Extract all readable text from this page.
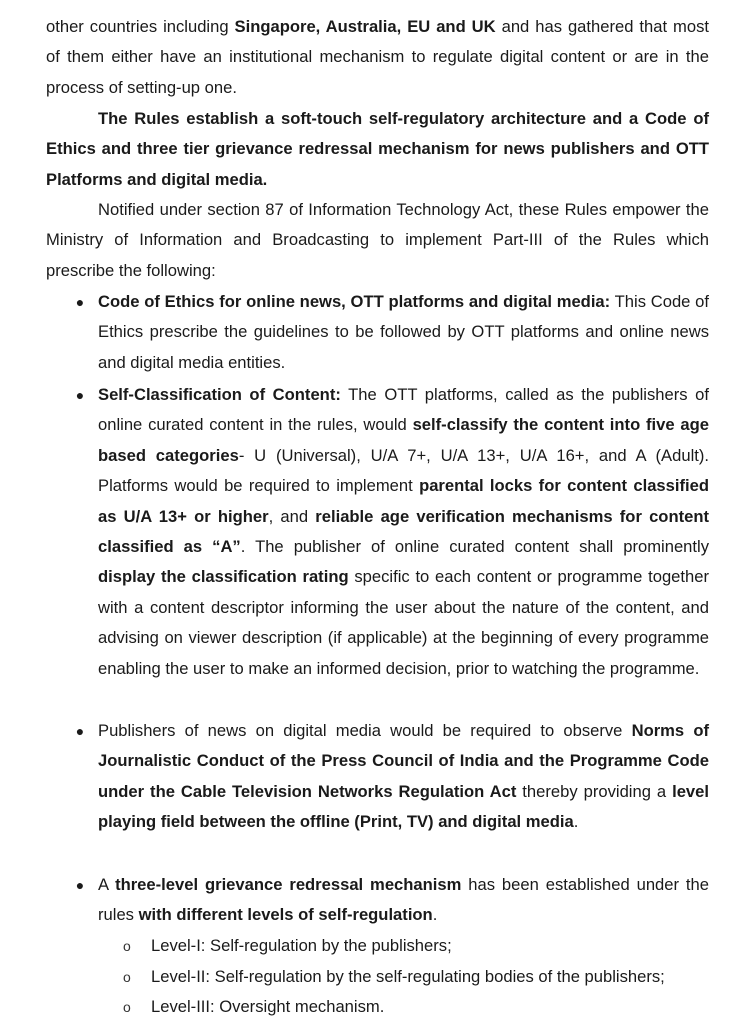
other countries including Singapore, Australia, EU and UK and has gathered that most of them either have an institutional mechanism to regulate digital content or are in the process of setting-up one.

The Rules establish a soft-touch self-regulatory architecture and a Code of Ethics and three tier grievance redressal mechanism for news publishers and OTT Platforms and digital media.

Notified under section 87 of Information Technology Act, these Rules empower the Ministry of Information and Broadcasting to implement Part-III of the Rules which prescribe the following:

● Code of Ethics for online news, OTT platforms and digital media: This Code of Ethics prescribe the guidelines to be followed by OTT platforms and online news and digital media entities.

● Self-Classification of Content: The OTT platforms, called as the publishers of online curated content in the rules, would self-classify the content into five age based categories- U (Universal), U/A 7+, U/A 13+, U/A 16+, and A (Adult). Platforms would be required to implement parental locks for content classified as U/A 13+ or higher, and reliable age verification mechanisms for content classified as “A”. The publisher of online curated content shall prominently display the classification rating specific to each content or programme together with a content descriptor informing the user about the nature of the content, and advising on viewer description (if applicable) at the beginning of every programme enabling the user to make an informed decision, prior to watching the programme.

● Publishers of news on digital media would be required to observe Norms of Journalistic Conduct of the Press Council of India and the Programme Code under the Cable Television Networks Regulation Act thereby providing a level playing field between the offline (Print, TV) and digital media.

● A three-level grievance redressal mechanism has been established under the rules with different levels of self-regulation.

o Level-I: Self-regulation by the publishers;

o Level-II: Self-regulation by the self-regulating bodies of the publishers;

o Level-III: Oversight mechanism.
